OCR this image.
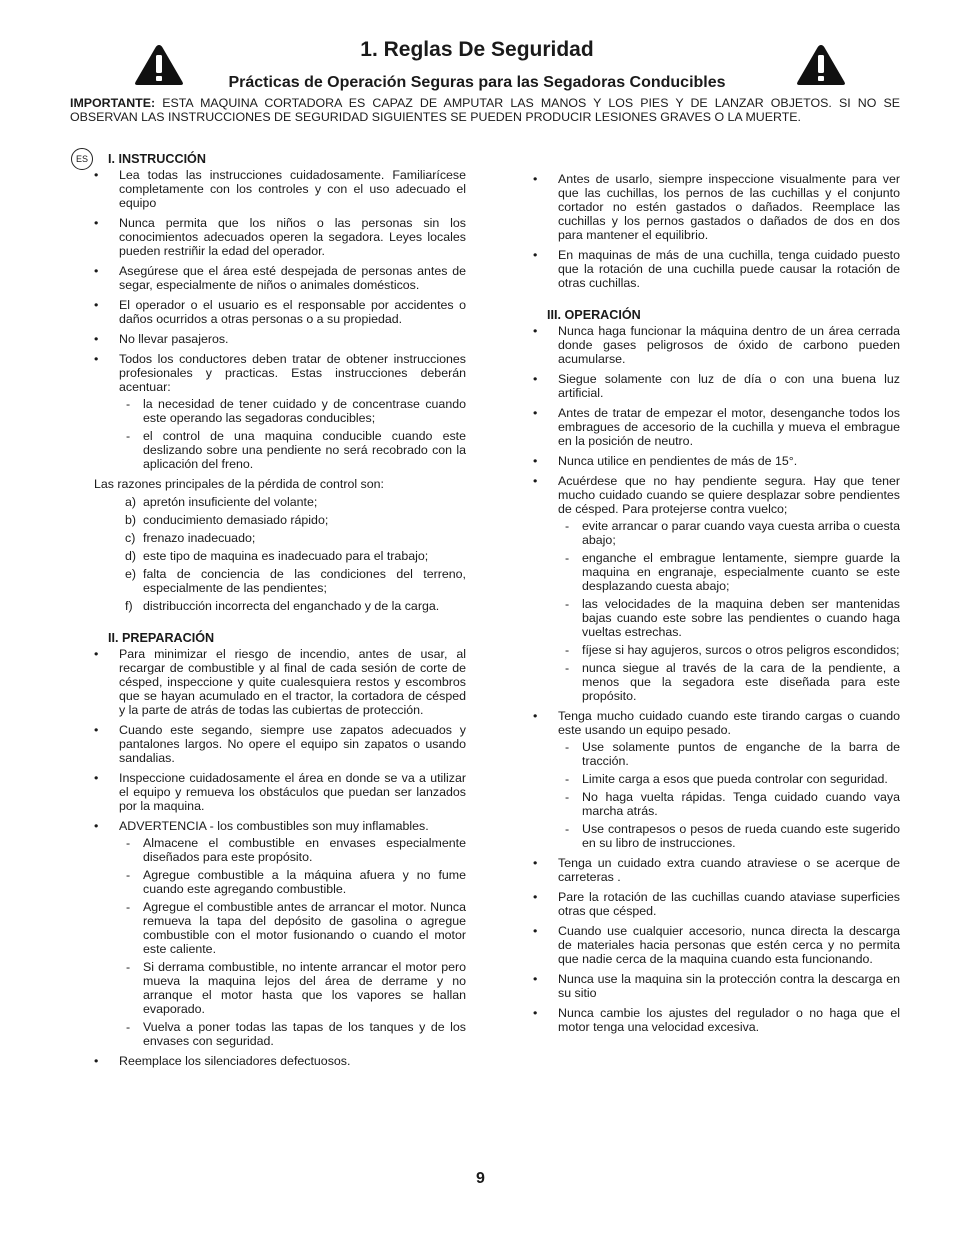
1. Reglas De Seguridad
Prácticas de Operación Seguras para las Segadoras Conducibles

IMPORTANTE: ESTA MAQUINA CORTADORA ES CAPAZ DE AMPUTAR LAS MANOS Y LOS PIES Y DE LANZAR OBJETOS. SI NO SE OBSERVAN LAS INSTRUCCIONES DE SEGURIDAD SIGUIENTES SE PUEDEN PRODUCIR LESIONES GRAVES O LA MUERTE.

ES	I. INSTRUCCIÓN
• Lea todas las instrucciones cuidadosamente. Familiarícese completamente con los controles y con el uso adecuado el equipo
• Nunca permita que los niños o las personas sin los conocimientos adecuados operen la segadora. Leyes locales pueden restriñir la edad del operador.
• Asegúrese que el área esté despejada de personas antes de segar, especialmente de niños o animales domésticos.
• El operador o el usuario es el responsable por accidentes o daños ocurridos a otras personas o a su propiedad.
• No llevar pasajeros.
• Todos los conductores deben tratar de obtener instrucciones profesionales y practicas. Estas instrucciones deberán acentuar:
- la necesidad de tener cuidado y de concentrase cuando este operando las segadoras conducibles;
- el control de una maquina conducible cuando este deslizando sobre una pendiente no será recobrado con la aplicación del freno.

Las razones principales de la pérdida de control son:

a) apretón insuficiente del volante;
b) conducimiento demasiado rápido;
c) frenazo inadecuado;
d) este tipo de maquina es inadecuado para el trabajo;
e) falta de conciencia de las condiciones del terreno, especialmente de las pendientes;
f) distribucción incorrecta del enganchado y de la carga.
II. PREPARACIÓN
• Para minimizar el riesgo de incendio, antes de usar, al recargar de combustible y al final de cada sesión de corte de césped, inspeccione y quite cualesquiera restos y escombros que se hayan acumulado en el tractor, la cortadora de césped y la parte de atrás de todas las cubiertas de protección.
• Cuando este segando, siempre use zapatos adecuados y pantalones largos. No opere el equipo sin zapatos o usando sandalias.
• Inspeccione cuidadosamente el área en donde se va a utilizar el equipo y remueva los obstáculos que puedan ser lanzados por la maquina.
• ADVERTENCIA - los combustibles son muy inflamables.
- Almacene el combustible en envases especialmente diseñados para este propósito.
- Agregue combustible a la máquina afuera y no fume cuando este agregando combustible.
- Agregue el combustible antes de arrancar el motor. Nunca remueva la tapa del depósito de gasolina o agregue combustible con el motor fusionando o cuando el motor este caliente.
- Si derrama combustible, no intente arrancar el motor pero mueva la maquina lejos del área de derrame y no arranque el motor hasta que los vapores se hallan evaporado.
- Vuelva a poner todas las tapas de los tanques y de los envases con seguridad.
• Reemplace los silenciadores defectuosos.
• Antes de usarlo, siempre inspeccione visualmente para ver que las cuchillas, los pernos de las cuchillas y el conjunto cortador no estén gastados o dañados. Reemplace las cuchillas y los pernos gastados o dañados de dos en dos para mantener el equilibrio.
• En maquinas de más de una cuchilla, tenga cuidado puesto que la rotación de una cuchilla puede causar la rotación de otras cuchillas.
III. OPERACIÓN
• Nunca haga funcionar la máquina dentro de un área cerrada donde gases peligrosos de óxido de carbono pueden acumularse.
• Siegue solamente con luz de día o con una buena luz artificial.
• Antes de tratar de empezar el motor, desenganche todos los embragues de accesorio de la cuchilla y mueva el embrague en la posición de neutro.
• Nunca utilice en pendientes de más de 15°.
• Acuérdese que no hay pendiente segura. Hay que tener mucho cuidado cuando se quiere desplazar sobre pendientes de césped. Para protejerse contra vuelco;
- evite arrancar o parar cuando vaya cuesta arriba o cuesta abajo;
- enganche el embrague lentamente, siempre guarde la maquina en engranaje, especialmente cuanto se este desplazando cuesta abajo;
- las velocidades de la maquina deben ser mantenidas bajas cuando este sobre las pendientes o cuando haga vueltas estrechas.
- fíjese si hay agujeros, surcos o otros peligros escondidos;
- nunca siegue al través de la cara de la pendiente, a menos que la segadora este diseñada para este propósito.
• Tenga mucho cuidado cuando este tirando cargas o cuando este usando un equipo pesado.
- Use solamente puntos de enganche de la barra de tracción.
- Limite carga a esos que pueda controlar con seguridad.
- No haga vuelta rápidas. Tenga cuidado cuando vaya marcha atrás.
- Use contrapesos o pesos de rueda cuando este sugerido en su libro de instrucciones.
• Tenga un cuidado extra cuando atraviese o se acerque de carreteras .
• Pare la rotación de las cuchillas cuando ataviase superficies otras que césped.
• Cuando use cualquier accesorio, nunca directa la descarga de materiales hacia personas que estén cerca y no permita que nadie cerca de la maquina cuando esta funcionando.
• Nunca use la maquina sin la protección contra la descarga en su sitio
• Nunca cambie los ajustes del regulador o no haga que el motor tenga una velocidad excesiva.
9
